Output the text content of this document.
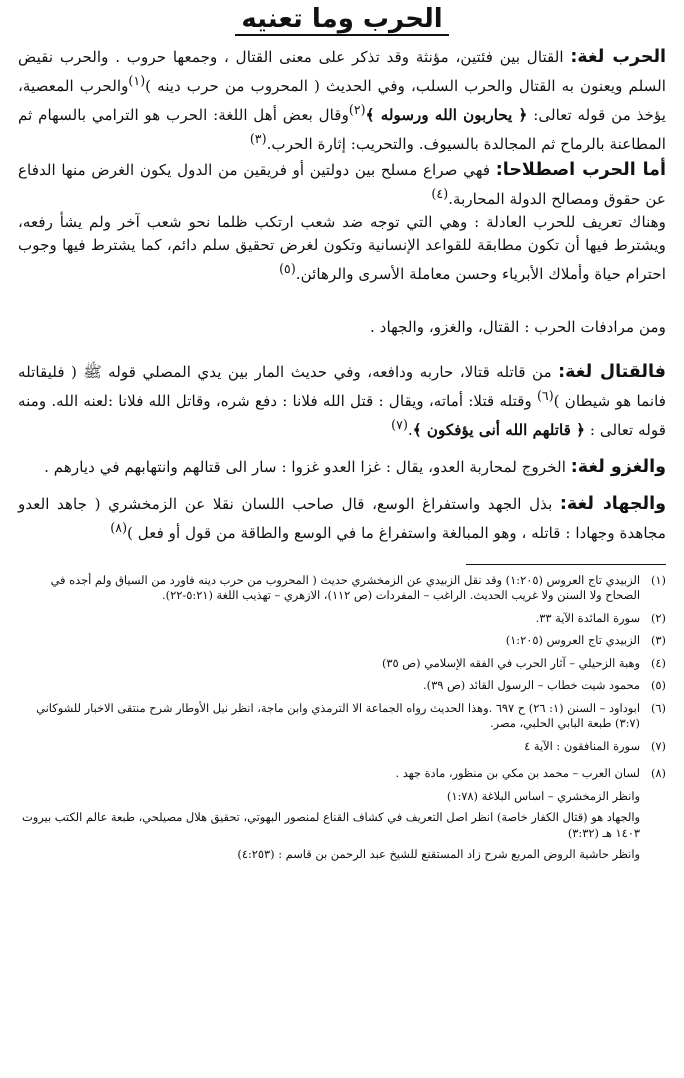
الحرب وما تعنيه

الحرب لغة: القتال بين فئتين، مؤنثة وقد تذكر على معنى القتال ، وجمعها حروب . والحرب نقيض السلم ويعنون به القتال والحرب السلب، وفي الحديث ( المحروب من حرب دينه )$^{(١)}$والحرب المعصية، يؤخذ من قوله تعالى: ﴿ يحاربون الله ورسوله ﴾$^{(٢)}$وقال بعض أهل اللغة: الحرب هو الترامي بالسهام ثم المطاعنة بالرماح ثم المجالدة بالسيوف. والتحريب: إثارة الحرب.$^{(٣)}$

أما الحرب اصطلاحا: فهي صراع مسلح بين دولتين أو فريقين من الدول يكون الغرض منها الدفاع عن حقوق ومصالح الدولة المحاربة.$^{(٤)}$

وهناك تعريف للحرب العادلة : وهي التي توجه ضد شعب ارتكب ظلما نحو شعب آخر ولم يشأ رفعه، ويشترط فيها أن تكون مطابقة للقواعد الإنسانية وتكون لغرض تحقيق سلم دائم، كما يشترط فيها وجوب احترام حياة وأملاك الأبرياء وحسن معاملة الأسرى والرهائن.$^{(٥)}$

ومن مرادفات الحرب : القتال، والغزو، والجهاد .

فالقتال لغة: من قاتله قتالا، حاربه ودافعه، وفي حديث المار بين يدي المصلي قوله ﷺ ( فليقاتله فانما هو شيطان )$^{(٦)}$ وقتله قتلا: أماته، ويقال : قتل الله فلانا : دفع شره، وقاتل الله فلانا :لعنه الله. ومنه قوله تعالى : ﴿ قاتلهم الله أنى يؤفكون ﴾.$^{(٧)}$

والغزو لغة: الخروج لمحاربة العدو، يقال : غزا العدو غزوا : سار الى قتالهم وانتهابهم في ديارهم .

والجهاد لغة: بذل الجهد واستفراغ الوسع، قال صاحب اللسان نقلا عن الزمخشري ( جاهد العدو مجاهدة وجهادا : قاتله ، وهو المبالغة واستفراغ ما في الوسع والطاقة من قول أو فعل )$^{(٨)}$

(١)
الزبيدي تاج العروس (١:٢٠٥) وقد نقل الزبيدي عن الزمخشري حديث ( المحروب من حرب دينه فاورد من السياق ولم أجده في الصحاح ولا السنن ولا غريب الحديث. الراغب – المفردات (ص ١١٢)، الازهري – تهذيب اللغة (٥:٢١-٢٢).
(٢)
سورة المائدة الآية ٣٣.
(٣)
الزبيدي تاج العروس (١:٢٠٥)
(٤)
وهبة الزحيلي – آثار الحرب في الفقه الإسلامي (ص ٣٥)
(٥)
محمود شيت خطاب – الرسول القائد (ص ٣٩).
(٦)
ابوداود – السنن (١: ٢٦) ح ٦٩٧ .وهذا الحديث رواه الجماعة الا الترمذي وابن ماجة، انظر نيل الأوطار شرح منتقى الاخبار للشوكاني (٣:٧) طبعة البابي الحلبي، مصر.
(٧)
سورة المنافقون : الآية ٤
(٨)
لسان العرب – محمد بن مكي بن منظور، مادة جهد .
وانظر الزمخشري – اساس البلاغة (١:٧٨)
والجهاد هو (قتال الكفار خاصة) انظر اصل التعريف في كشاف القناع لمنصور البهوتي، تحقيق هلال مصيلحي، طبعة عالم الكتب بيروت ١٤٠٣ هـ (٣:٣٢)
وانظر حاشية الروض المربع شرح زاد المستقنع للشيخ عبد الرحمن بن قاسم : (٤:٢٥٣)
